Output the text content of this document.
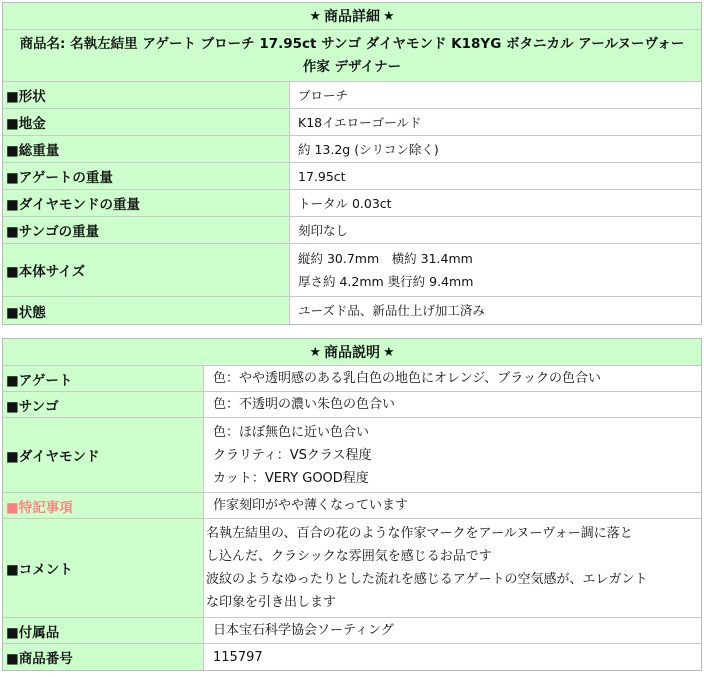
★ 商品詳細 ★
商品名: 名執左結里 アゲート ブローチ 17.95ct サンゴ ダイヤモンド K18YG ボタニカル アールヌーヴォー 作家 デザイナー
■形状	ブローチ
■地金	K18イエローゴールド
■総重量	約 13.2g (シリコン除く)
■アゲートの重量	17.95ct
■ダイヤモンドの重量	トータル 0.03ct
■サンゴの重量	刻印なし
■本体サイズ
縦約 30.7mm　横約 31.4mm
厚さ約 4.2mm 奥行約 9.4mm
■状態	ユーズド品、新品仕上げ加工済み
★ 商品説明 ★
■アゲート	色：やや透明感のある乳白色の地色にオレンジ、ブラックの色合い
■サンゴ	色：不透明の濃い朱色の色合い
■ダイヤモンド
色：ほぼ無色に近い色合い
クラリティ：VSクラス程度
カット：VERY GOOD程度
■特記事項	作家刻印がやや薄くなっています
■コメント
名執左結里の、百合の花のような作家マークをアールヌーヴォー調に落と
し込んだ、クラシックな雰囲気を感じるお品です
波紋のようなゆったりとした流れを感じるアゲートの空気感が、エレガント
な印象を引き出します
■付属品	日本宝石科学協会ソーティング
■商品番号	115797
